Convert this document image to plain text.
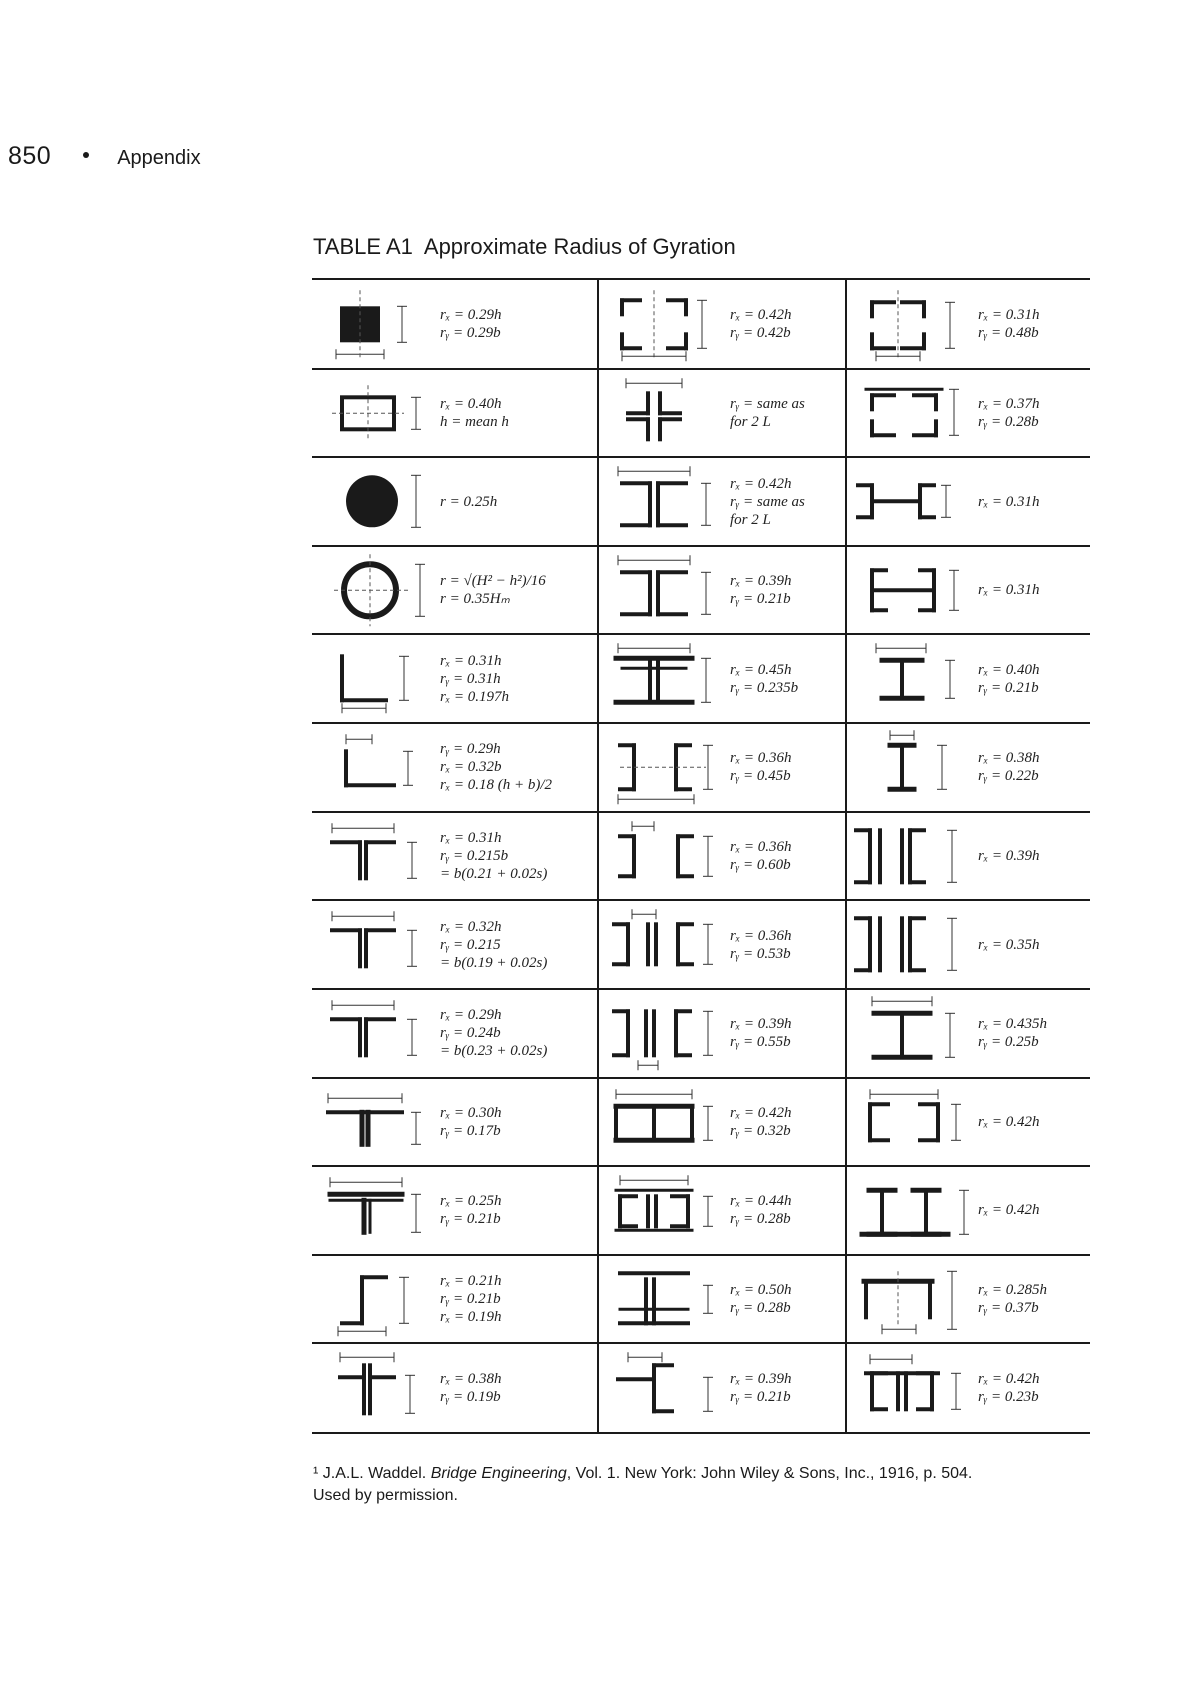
850	Appendix
TABLE A1 Approximate Radius of Gyration
rₓ = 0.29h
rᵧ = 0.29b
rₓ = 0.42h
rᵧ = 0.42b
rₓ = 0.31h
rᵧ = 0.48b
rₓ = 0.40h
h = mean h
rᵧ = same as
for 2 L
rₓ = 0.37h
rᵧ = 0.28b
r = 0.25h
rₓ = 0.42h
rᵧ = same as
for 2 L
rₓ = 0.31h
r = √(H² − h²)/16
r = 0.35Hₘ
rₓ = 0.39h
rᵧ = 0.21b
rₓ = 0.31h
rₓ = 0.31h
rᵧ = 0.31h
rₓ = 0.197h
rₓ = 0.45h
rᵧ = 0.235b
rₓ = 0.40h
rᵧ = 0.21b
rᵧ = 0.29h
rₓ = 0.32b
rₓ = 0.18 (h + b)/2
rₓ = 0.36h
rᵧ = 0.45b
rₓ = 0.38h
rᵧ = 0.22b
rₓ = 0.31h
rᵧ = 0.215b
= b(0.21 + 0.02s)
rₓ = 0.36h
rᵧ = 0.60b
rₓ = 0.39h
rₓ = 0.32h
rᵧ = 0.215
= b(0.19 + 0.02s)
rₓ = 0.36h
rᵧ = 0.53b
rₓ = 0.35h
rₓ = 0.29h
rᵧ = 0.24b
= b(0.23 + 0.02s)
rₓ = 0.39h
rᵧ = 0.55b
rₓ = 0.435h
rᵧ = 0.25b
rₓ = 0.30h
rᵧ = 0.17b
rₓ = 0.42h
rᵧ = 0.32b
rₓ = 0.42h
rₓ = 0.25h
rᵧ = 0.21b
rₓ = 0.44h
rᵧ = 0.28b
rₓ = 0.42h
rₓ = 0.21h
rᵧ = 0.21b
rₓ = 0.19h
rₓ = 0.50h
rᵧ = 0.28b
rₓ = 0.285h
rᵧ = 0.37b
rₓ = 0.38h
rᵧ = 0.19b
rₓ = 0.39h
rᵧ = 0.21b
rₓ = 0.42h
rᵧ = 0.23b
¹ J.A.L. Waddel. Bridge Engineering, Vol. 1. New York: John Wiley & Sons, Inc., 1916, p. 504.
Used by permission.
